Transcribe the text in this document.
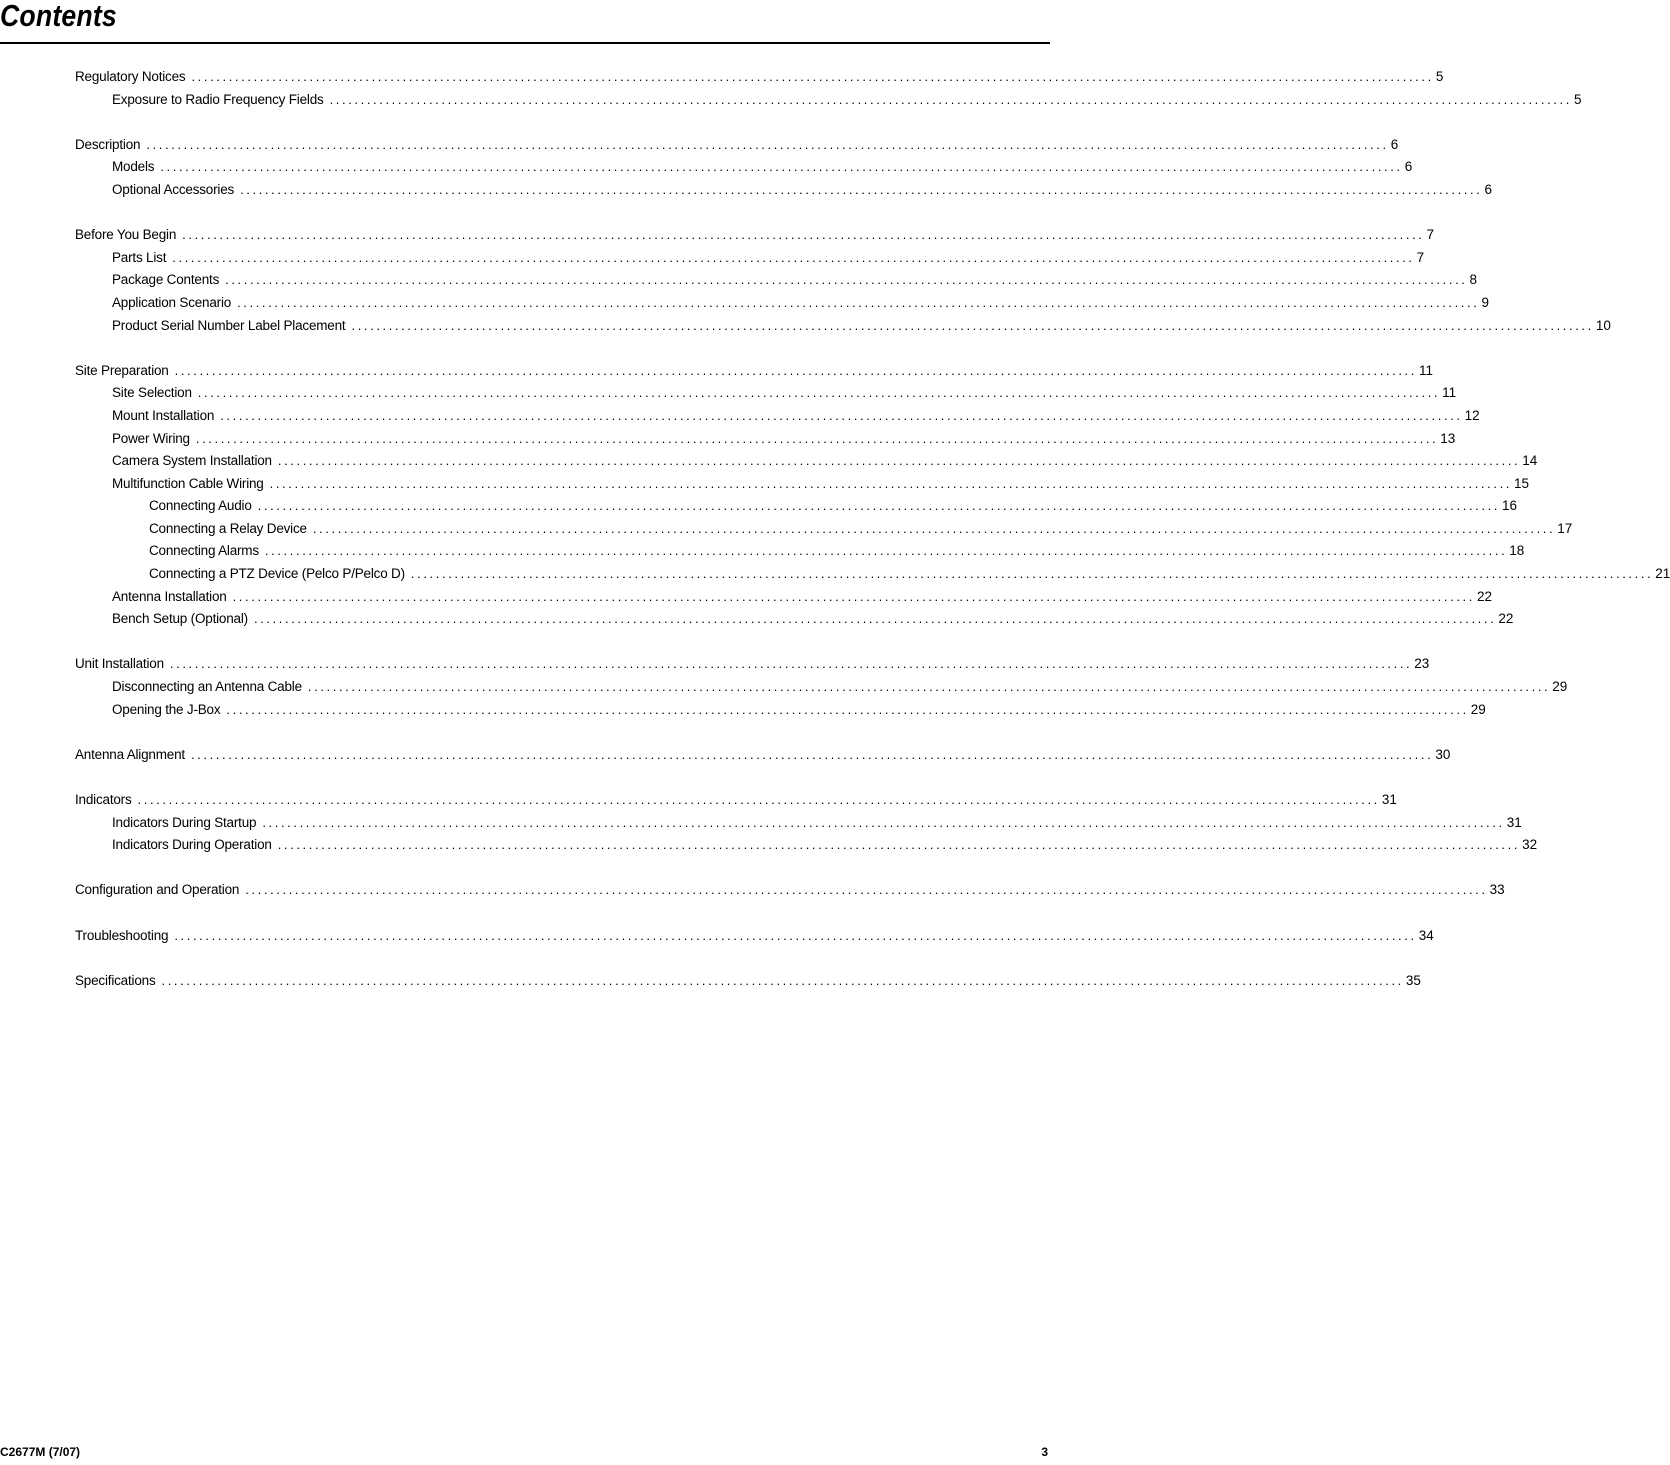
Contents
Regulatory Notices ........................................................................................................................................................................................................ 5
Exposure to Radio Frequency Fields ........................................................................................................................................................................................................ 5
Description ........................................................................................................................................................................................................ 6
Models ........................................................................................................................................................................................................ 6
Optional Accessories ........................................................................................................................................................................................................ 6
Before You Begin ........................................................................................................................................................................................................ 7
Parts List ........................................................................................................................................................................................................ 7
Package Contents ........................................................................................................................................................................................................ 8
Application Scenario ........................................................................................................................................................................................................ 9
Product Serial Number Label Placement ........................................................................................................................................................................................................ 10
Site Preparation ........................................................................................................................................................................................................ 11
Site Selection ........................................................................................................................................................................................................ 11
Mount Installation ........................................................................................................................................................................................................ 12
Power Wiring ........................................................................................................................................................................................................ 13
Camera System Installation ........................................................................................................................................................................................................ 14
Multifunction Cable Wiring ........................................................................................................................................................................................................ 15
Connecting Audio ........................................................................................................................................................................................................ 16
Connecting a Relay Device ........................................................................................................................................................................................................ 17
Connecting Alarms ........................................................................................................................................................................................................ 18
Connecting a PTZ Device (Pelco P/Pelco D) ........................................................................................................................................................................................................ 21
Antenna Installation ........................................................................................................................................................................................................ 22
Bench Setup (Optional) ........................................................................................................................................................................................................ 22
Unit Installation ........................................................................................................................................................................................................ 23
Disconnecting an Antenna Cable ........................................................................................................................................................................................................ 29
Opening the J-Box ........................................................................................................................................................................................................ 29
Antenna Alignment ........................................................................................................................................................................................................ 30
Indicators ........................................................................................................................................................................................................ 31
Indicators During Startup ........................................................................................................................................................................................................ 31
Indicators During Operation ........................................................................................................................................................................................................ 32
Configuration and Operation ........................................................................................................................................................................................................ 33
Troubleshooting ........................................................................................................................................................................................................ 34
Specifications ........................................................................................................................................................................................................ 35
C2677M (7/07)	3
